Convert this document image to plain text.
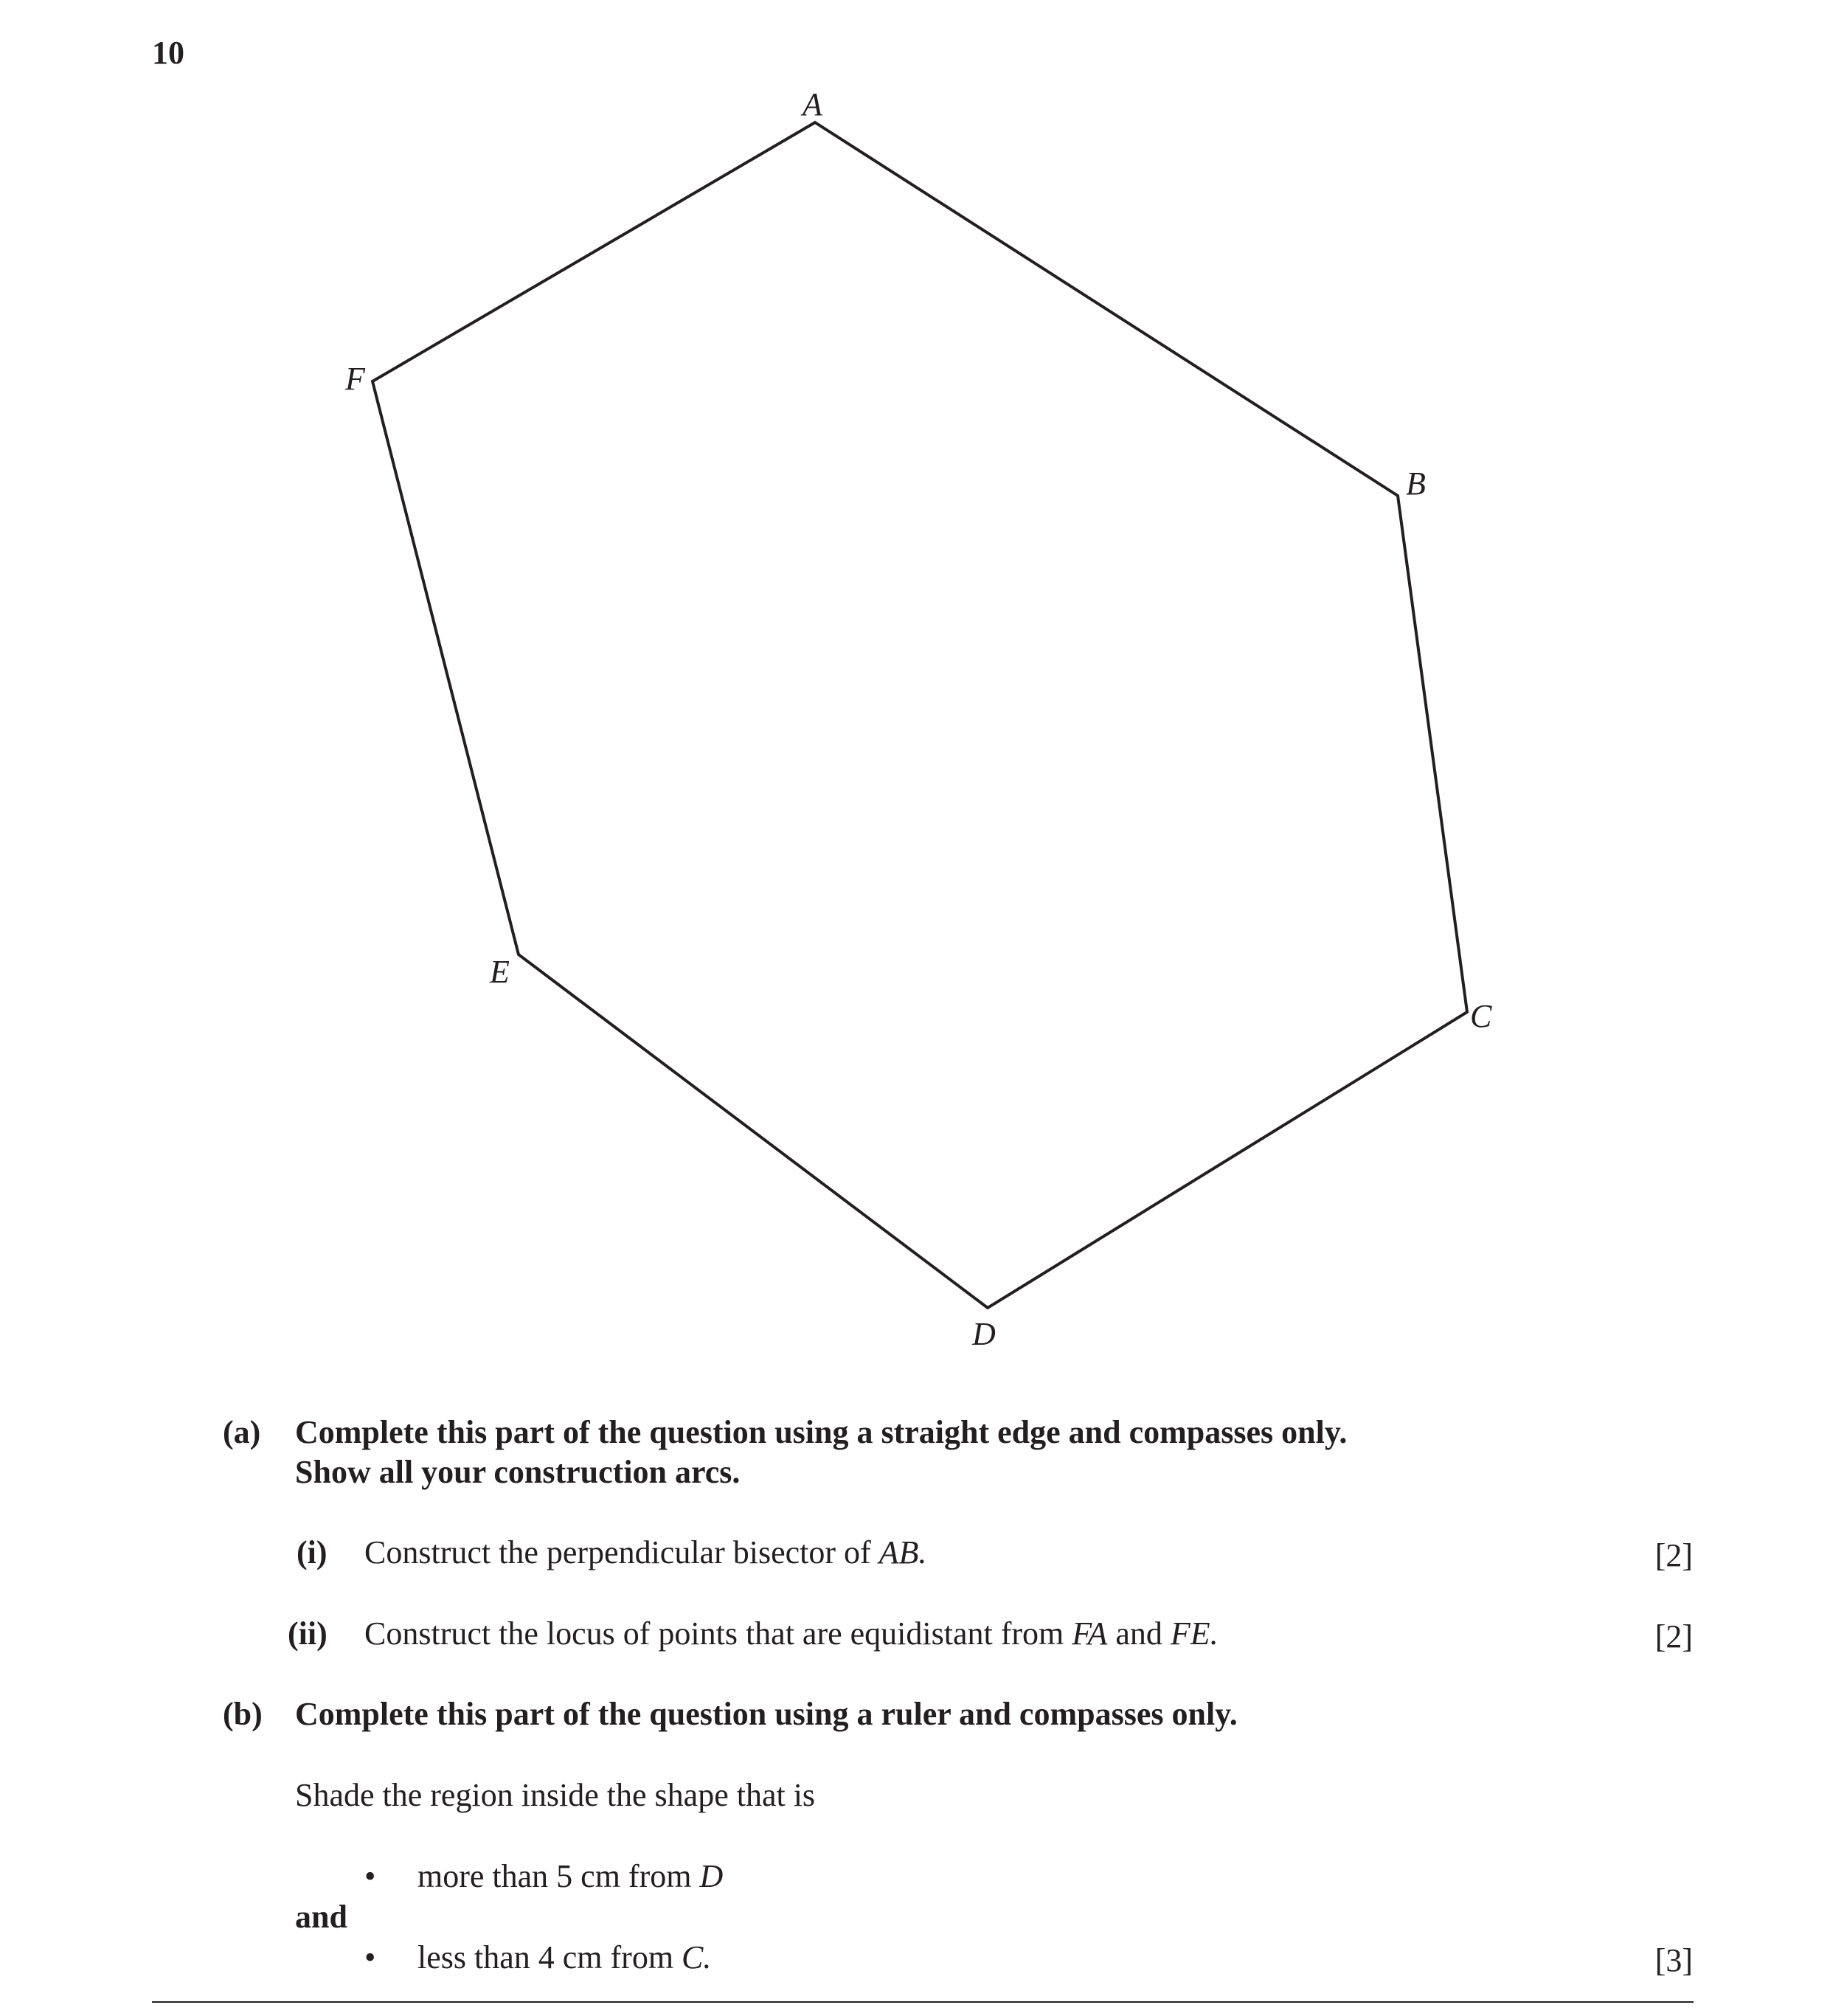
10
A
B
C
D
E
F
(a) Complete this part of the question using a straight edge and compasses only.
Show all your construction arcs.
(i) Construct the perpendicular bisector of AB.	[2]
(ii) Construct the locus of points that are equidistant from FA and FE.	[2]
(b) Complete this part of the question using a ruler and compasses only.
Shade the region inside the shape that is
• more than 5 cm from D
and
• less than 4 cm from C.	[3]
